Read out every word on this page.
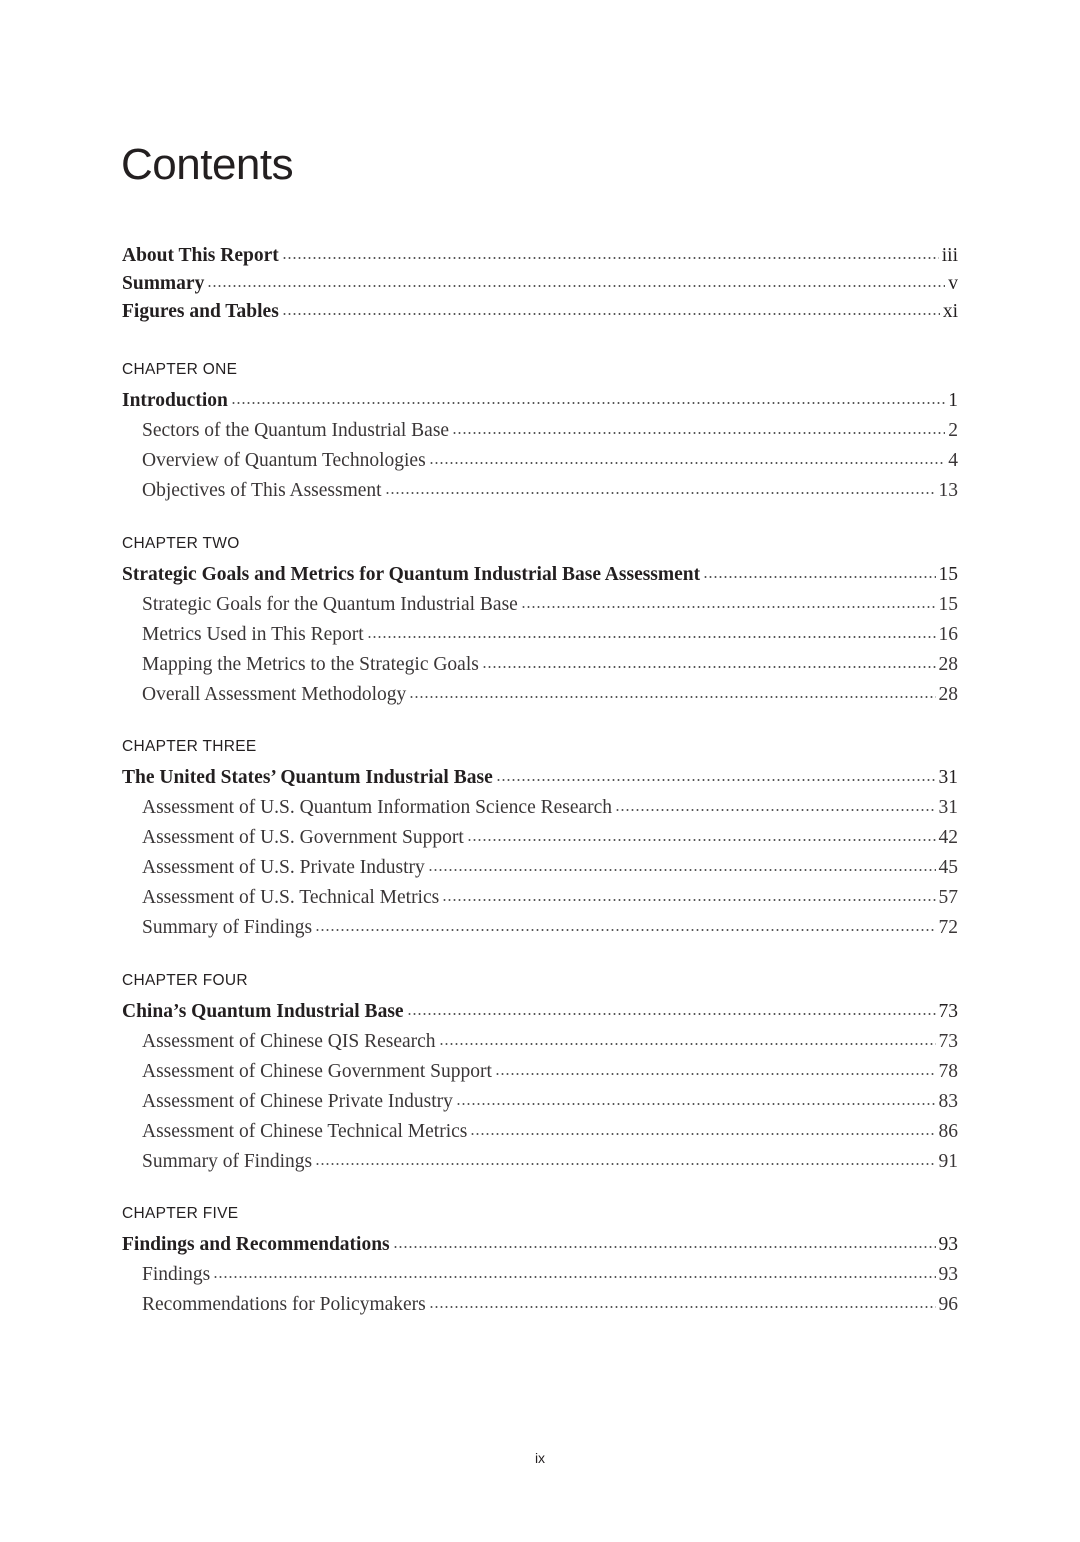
Contents
About This Report	iii
Summary	v
Figures and Tables	xi
CHAPTER ONE
Introduction	1
Sectors of the Quantum Industrial Base	2
Overview of Quantum Technologies	4
Objectives of This Assessment	13
CHAPTER TWO
Strategic Goals and Metrics for Quantum Industrial Base Assessment	15
Strategic Goals for the Quantum Industrial Base	15
Metrics Used in This Report	16
Mapping the Metrics to the Strategic Goals	28
Overall Assessment Methodology	28
CHAPTER THREE
The United States’ Quantum Industrial Base	31
Assessment of U.S. Quantum Information Science Research	31
Assessment of U.S. Government Support	42
Assessment of U.S. Private Industry	45
Assessment of U.S. Technical Metrics	57
Summary of Findings	72
CHAPTER FOUR
China’s Quantum Industrial Base	73
Assessment of Chinese QIS Research	73
Assessment of Chinese Government Support	78
Assessment of Chinese Private Industry	83
Assessment of Chinese Technical Metrics	86
Summary of Findings	91
CHAPTER FIVE
Findings and Recommendations	93
Findings	93
Recommendations for Policymakers	96
ix
